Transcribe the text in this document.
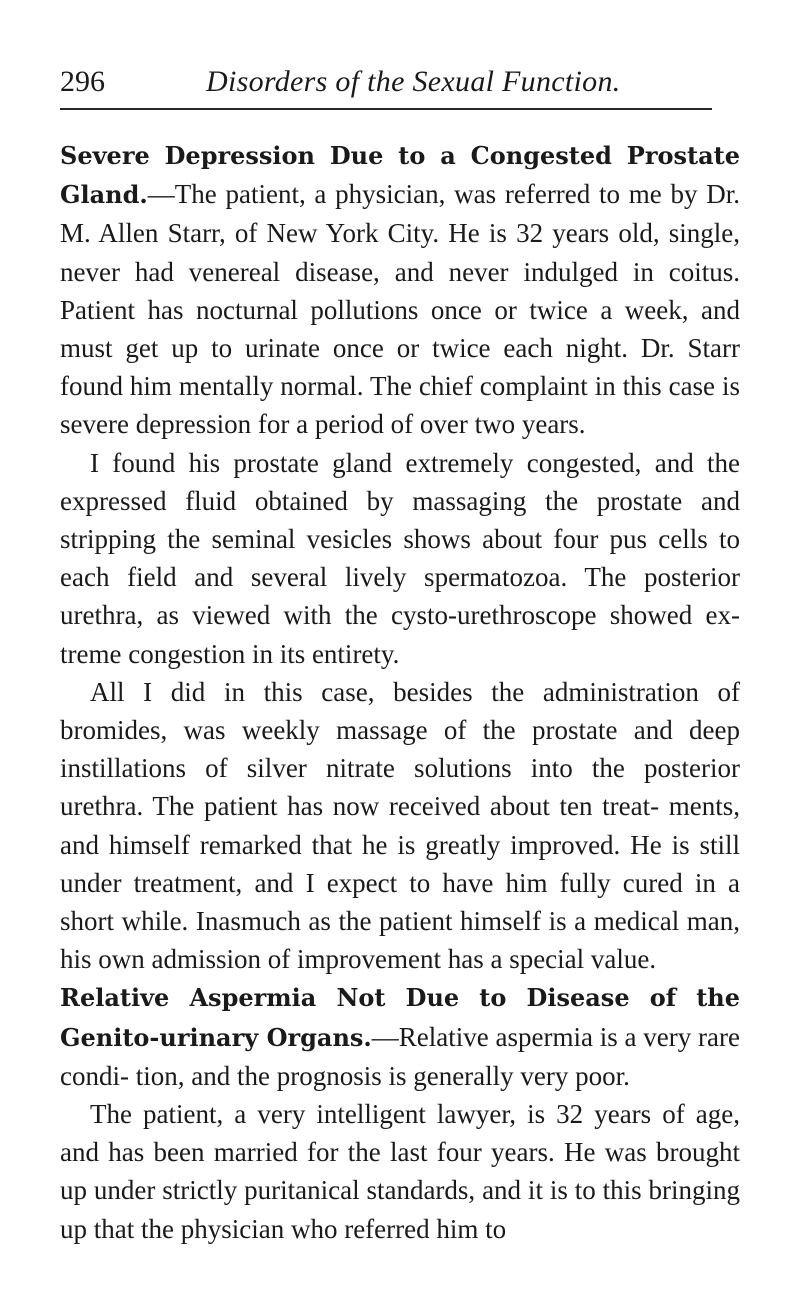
296	Disorders of the Sexual Function.

Severe Depression Due to a Congested Prostate Gland.—The patient, a physician, was referred to me by Dr. M. Allen Starr, of New York City. He is 32 years old, single, never had venereal disease, and never indulged in coitus. Patient has nocturnal pollutions once or twice a week, and must get up to urinate once or twice each night. Dr. Starr found him mentally normal. The chief complaint in this case is severe depression for a period of over two years.

I found his prostate gland extremely congested, and the expressed fluid obtained by massaging the prostate and stripping the seminal vesicles shows about four pus cells to each field and several lively spermatozoa. The posterior urethra, as viewed with the cysto-urethroscope showed ex- treme congestion in its entirety.

All I did in this case, besides the administration of bromides, was weekly massage of the prostate and deep instillations of silver nitrate solutions into the posterior urethra. The patient has now received about ten treat- ments, and himself remarked that he is greatly improved. He is still under treatment, and I expect to have him fully cured in a short while. Inasmuch as the patient himself is a medical man, his own admission of improvement has a special value.

Relative Aspermia Not Due to Disease of the Genito-urinary Organs.—Relative aspermia is a very rare condi- tion, and the prognosis is generally very poor.

The patient, a very intelligent lawyer, is 32 years of age, and has been married for the last four years. He was brought up under strictly puritanical standards, and it is to this bringing up that the physician who referred him to
